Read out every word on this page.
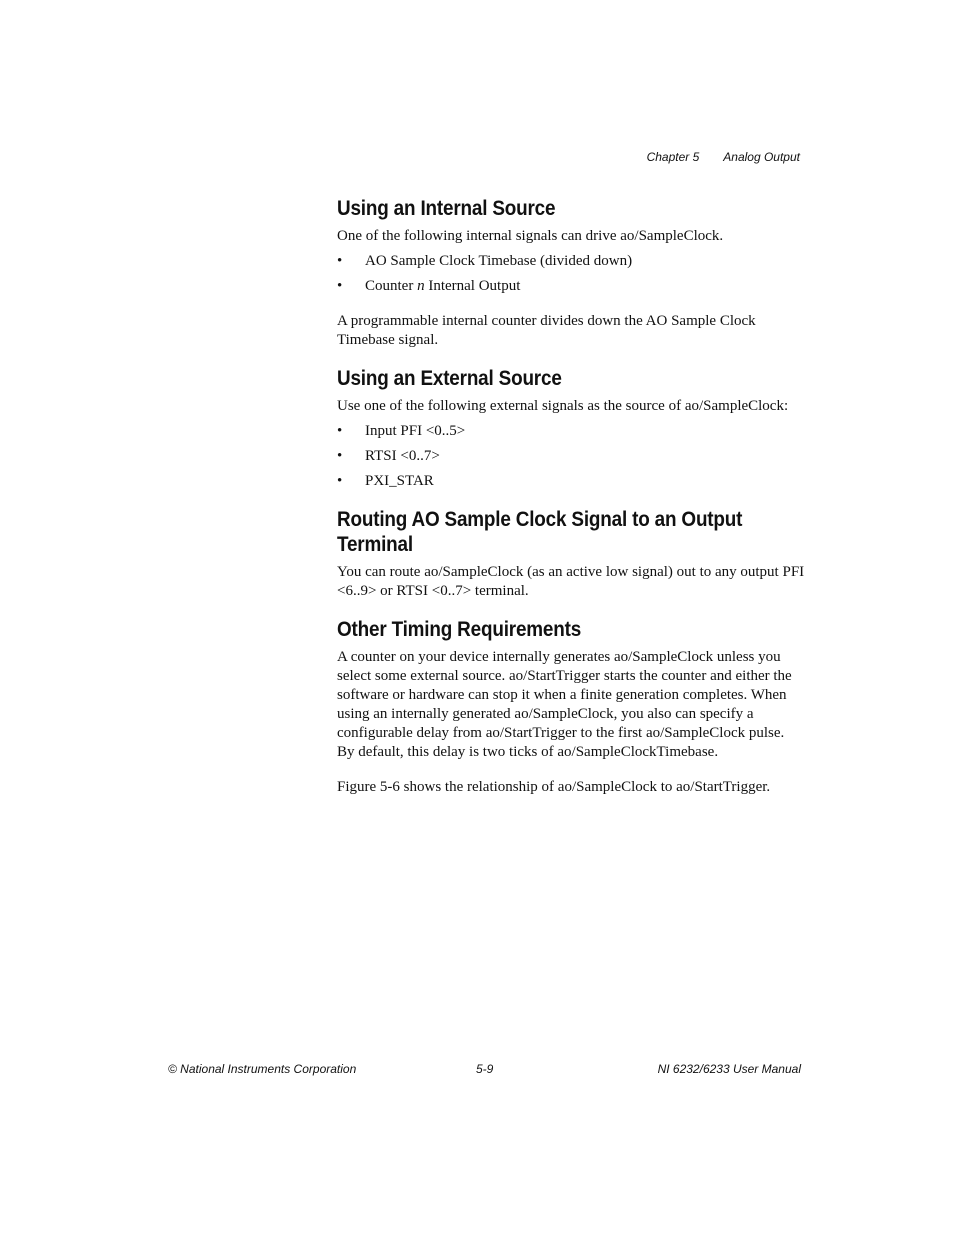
Chapter 5 Analog Output
Using an Internal Source

One of the following internal signals can drive ao/SampleClock.

• AO Sample Clock Timebase (divided down)
• Counter n Internal Output

A programmable internal counter divides down the AO Sample Clock Timebase signal.

Using an External Source

Use one of the following external signals as the source of ao/SampleClock:

• Input PFI <0..5>
• RTSI <0..7>
• PXI_STAR
Routing AO Sample Clock Signal to an Output Terminal

You can route ao/SampleClock (as an active low signal) out to any output PFI <6..9> or RTSI <0..7> terminal.

Other Timing Requirements

A counter on your device internally generates ao/SampleClock unless you select some external source. ao/StartTrigger starts the counter and either the software or hardware can stop it when a finite generation completes. When using an internally generated ao/SampleClock, you also can specify a configurable delay from ao/StartTrigger to the first ao/SampleClock pulse. By default, this delay is two ticks of ao/SampleClockTimebase.

Figure 5-6 shows the relationship of ao/SampleClock to ao/StartTrigger.

© National Instruments Corporation	5-9	NI 6232/6233 User Manual
